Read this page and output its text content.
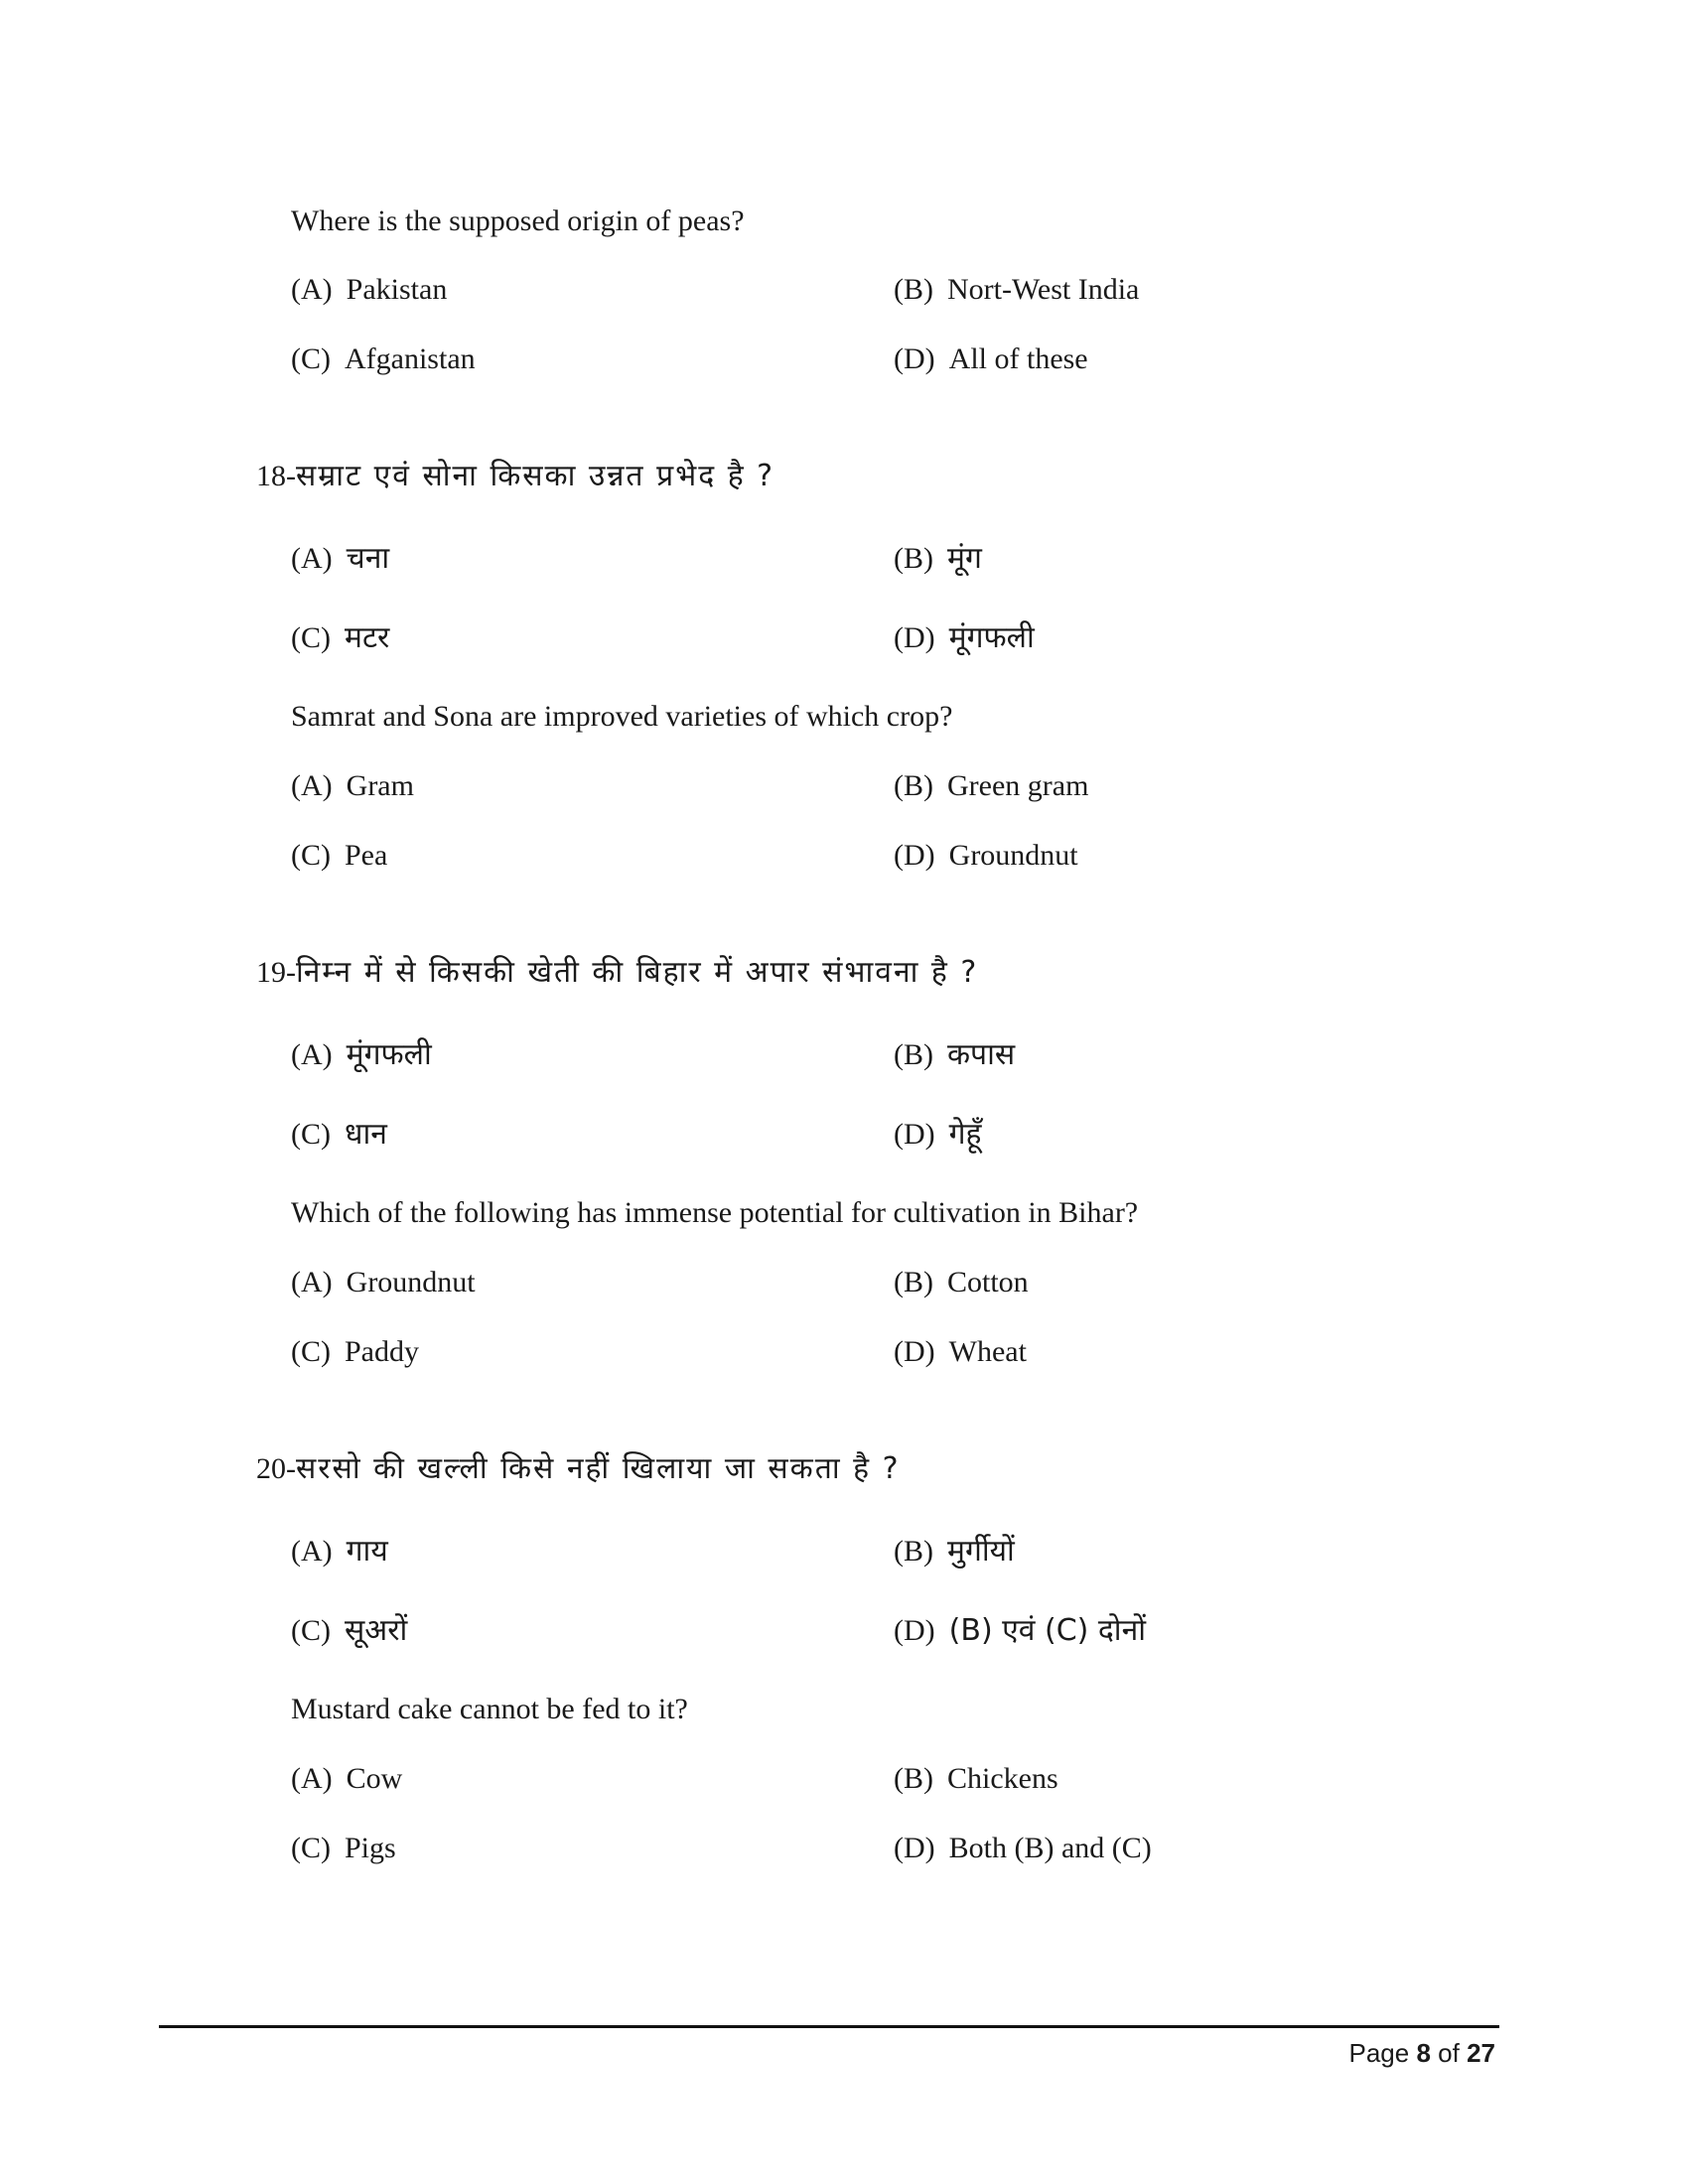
Where is the supposed origin of peas?
(A) Pakistan	(B) Nort-West India
(C) Afganistan	(D) All of these
18-सम्राट एवं सोना किसका उन्नत प्रभेद है ?
(A) चना	(B) मूंग
(C) मटर	(D) मूंगफली
Samrat and Sona are improved varieties of which crop?
(A) Gram	(B) Green gram
(C) Pea	(D) Groundnut
19-निम्न में से किसकी खेती की बिहार में अपार संभावना है ?
(A) मूंगफली	(B) कपास
(C) धान	(D) गेहूँ
Which of the following has immense potential for cultivation in Bihar?
(A) Groundnut	(B) Cotton
(C) Paddy	(D) Wheat
20-सरसो की खल्ली किसे नहीं खिलाया जा सकता है ?
(A) गाय	(B) मुर्गीयों
(C) सूअरों	(D) (B) एवं (C) दोनों
Mustard cake cannot be fed to it?
(A) Cow	(B) Chickens
(C) Pigs	(D) Both (B) and (C)
Page 8 of 27
